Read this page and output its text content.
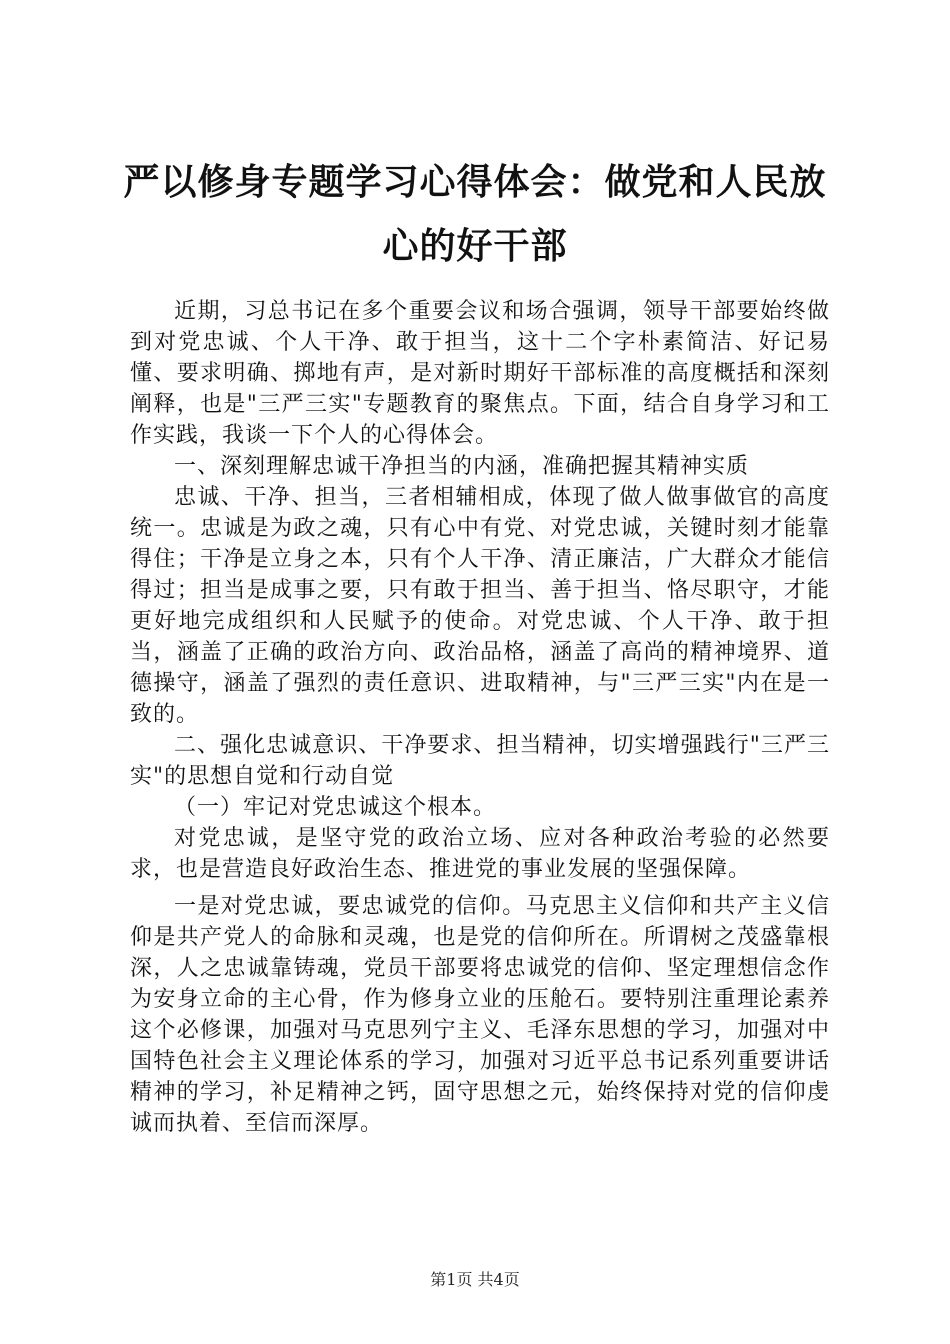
严以修身专题学习心得体会：做党和人民放心的好干部

近期，习总书记在多个重要会议和场合强调，领导干部要始终做到对党忠诚、个人干净、敢于担当，这十二个字朴素简洁、好记易懂、要求明确、掷地有声，是对新时期好干部标准的高度概括和深刻阐释，也是"三严三实"专题教育的聚焦点。下面，结合自身学习和工作实践，我谈一下个人的心得体会。

一、深刻理解忠诚干净担当的内涵，准确把握其精神实质

忠诚、干净、担当，三者相辅相成，体现了做人做事做官的高度统一。忠诚是为政之魂，只有心中有党、对党忠诚，关键时刻才能靠得住；干净是立身之本，只有个人干净、清正廉洁，广大群众才能信得过；担当是成事之要，只有敢于担当、善于担当、恪尽职守，才能更好地完成组织和人民赋予的使命。对党忠诚、个人干净、敢于担当，涵盖了正确的政治方向、政治品格，涵盖了高尚的精神境界、道德操守，涵盖了强烈的责任意识、进取精神，与"三严三实"内在是一致的。

二、强化忠诚意识、干净要求、担当精神，切实增强践行"三严三实"的思想自觉和行动自觉

（一）牢记对党忠诚这个根本。

对党忠诚，是坚守党的政治立场、应对各种政治考验的必然要求，也是营造良好政治生态、推进党的事业发展的坚强保障。

一是对党忠诚，要忠诚党的信仰。马克思主义信仰和共产主义信仰是共产党人的命脉和灵魂，也是党的信仰所在。所谓树之茂盛靠根深，人之忠诚靠铸魂，党员干部要将忠诚党的信仰、坚定理想信念作为安身立命的主心骨，作为修身立业的压舱石。要特别注重理论素养这个必修课，加强对马克思列宁主义、毛泽东思想的学习，加强对中国特色社会主义理论体系的学习，加强对习近平总书记系列重要讲话精神的学习，补足精神之钙，固守思想之元，始终保持对党的信仰虔诚而执着、至信而深厚。

第1页 共4页
